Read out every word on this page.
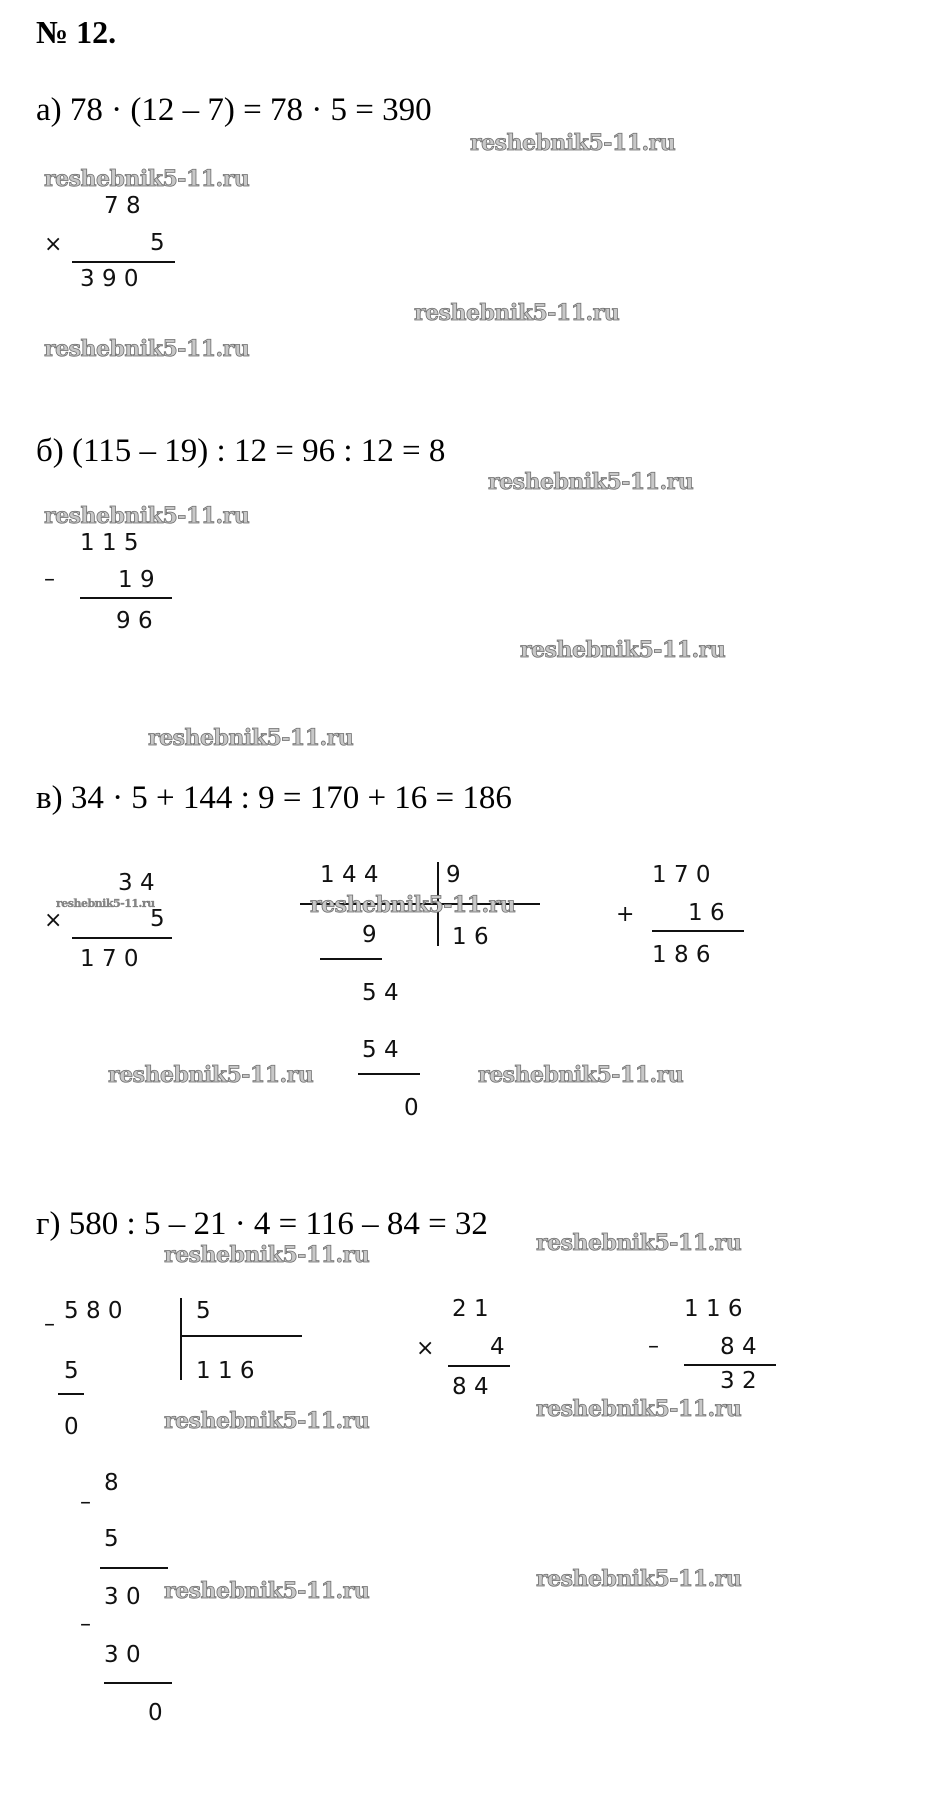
№ 12.
а) 78 · (12 – 7) = 78 · 5 = 390
7 8
×	5
3 9 0
б) (115 – 19) : 12 = 96 : 12 = 8
1 1 5
–	1 9
9 6
в) 34 · 5 + 144 : 9 = 170 + 16 = 186
3 4
×	5
1 7 0
1 4 4	9
9	1 6
5 4
5 4
0
1 7 0
+ 1 6
1 8 6
г) 580 : 5 – 21 · 4 = 116 – 84 = 32
5 8 0	5
1 1 6
–
5
0
8
–
5
3 0
–
3 0
0
2 1
× 4
8 4
1 1 6
–	8 4
3 2
reshebnik5-11.ru
reshebnik5-11.ru
reshebnik5-11.ru
reshebnik5-11.ru
reshebnik5-11.ru
reshebnik5-11.ru
reshebnik5-11.ru
reshebnik5-11.ru
reshebnik5-11.ru	reshebnik5-11.ru
reshebnik5-11.ru	reshebnik5-11.ru
reshebnik5-11.ru
reshebnik5-11.ru
reshebnik5-11.ru
reshebnik5-11.ru
reshebnik5-11.ru	reshebnik5-11.ru
